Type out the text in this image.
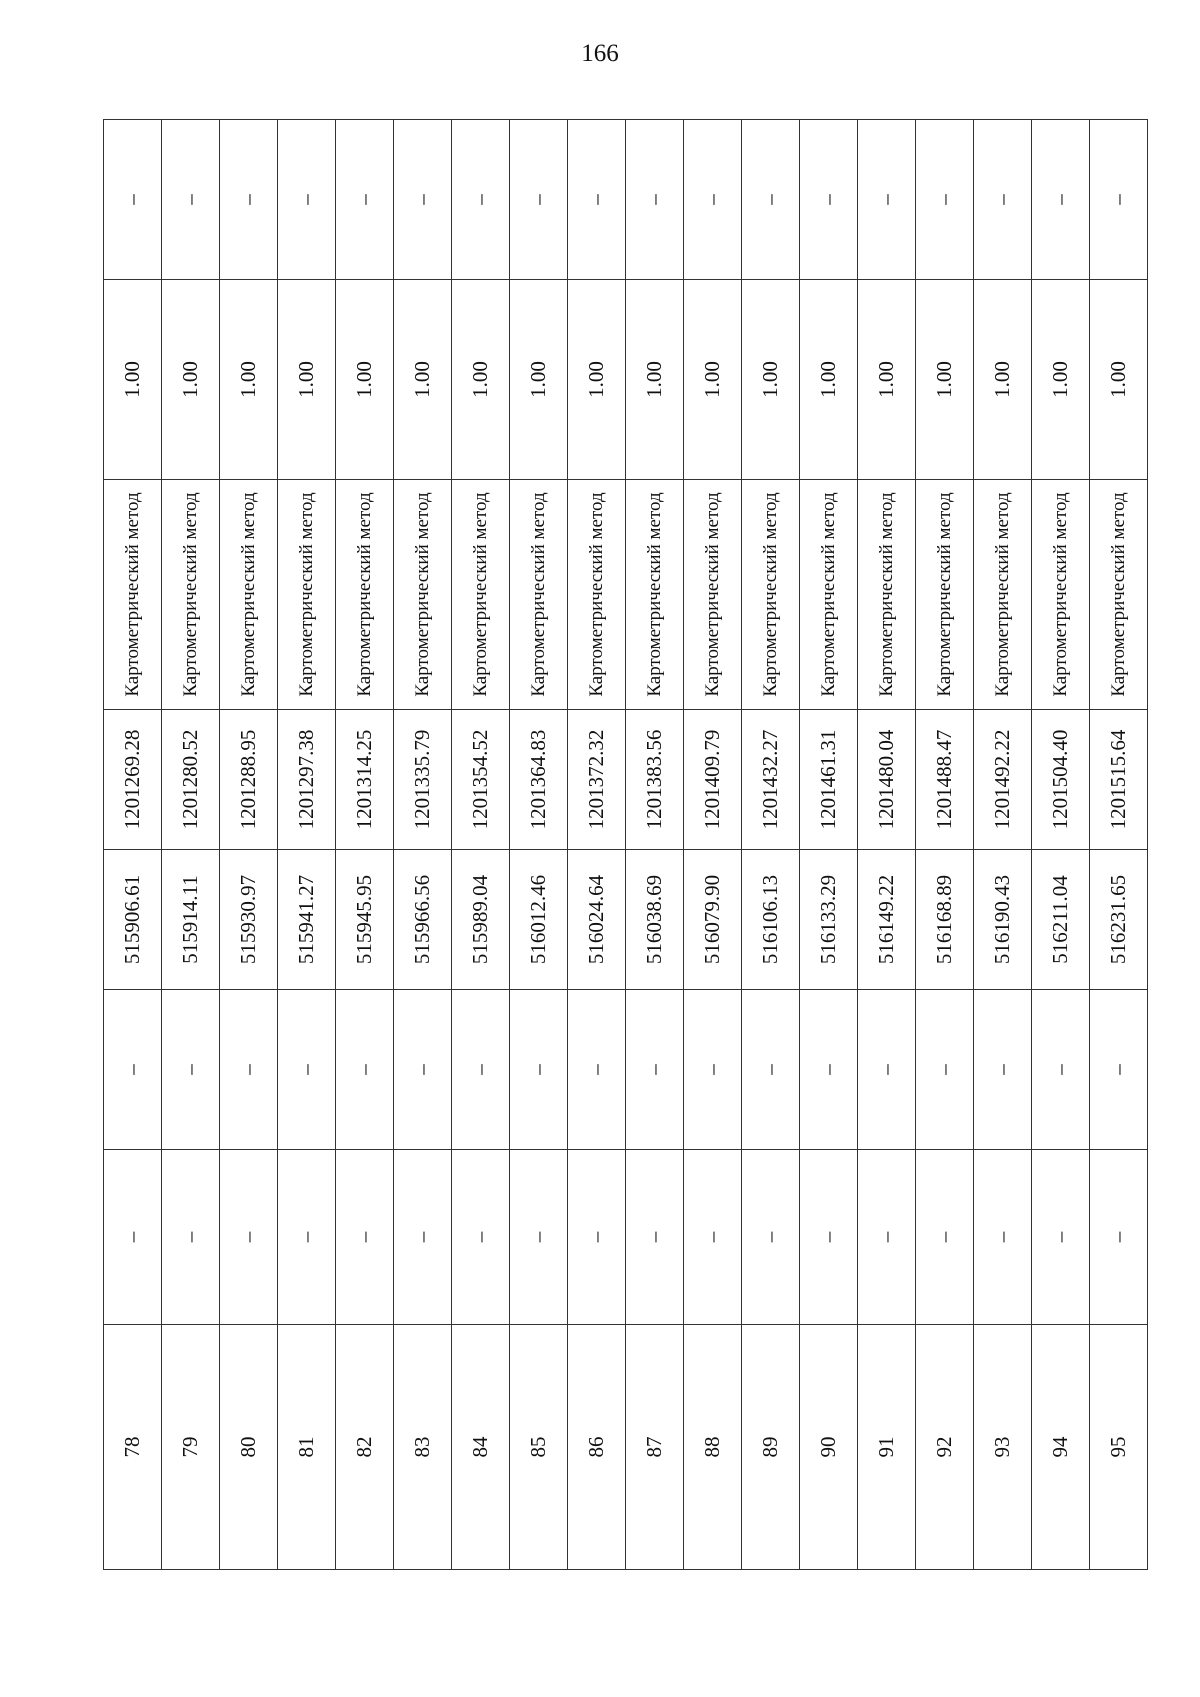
166
78	–	–	515906.61	1201269.28	Картометрический метод	1.00	–
79	–	–	515914.11	1201280.52	Картометрический метод	1.00	–
80	–	–	515930.97	1201288.95	Картометрический метод	1.00	–
81	–	–	515941.27	1201297.38	Картометрический метод	1.00	–
82	–	–	515945.95	1201314.25	Картометрический метод	1.00	–
83	–	–	515966.56	1201335.79	Картометрический метод	1.00	–
84	–	–	515989.04	1201354.52	Картометрический метод	1.00	–
85	–	–	516012.46	1201364.83	Картометрический метод	1.00	–
86	–	–	516024.64	1201372.32	Картометрический метод	1.00	–
87	–	–	516038.69	1201383.56	Картометрический метод	1.00	–
88	–	–	516079.90	1201409.79	Картометрический метод	1.00	–
89	–	–	516106.13	1201432.27	Картометрический метод	1.00	–
90	–	–	516133.29	1201461.31	Картометрический метод	1.00	–
91	–	–	516149.22	1201480.04	Картометрический метод	1.00	–
92	–	–	516168.89	1201488.47	Картометрический метод	1.00	–
93	–	–	516190.43	1201492.22	Картометрический метод	1.00	–
94	–	–	516211.04	1201504.40	Картометрический метод	1.00	–
95	–	–	516231.65	1201515.64	Картометрический метод	1.00	–
